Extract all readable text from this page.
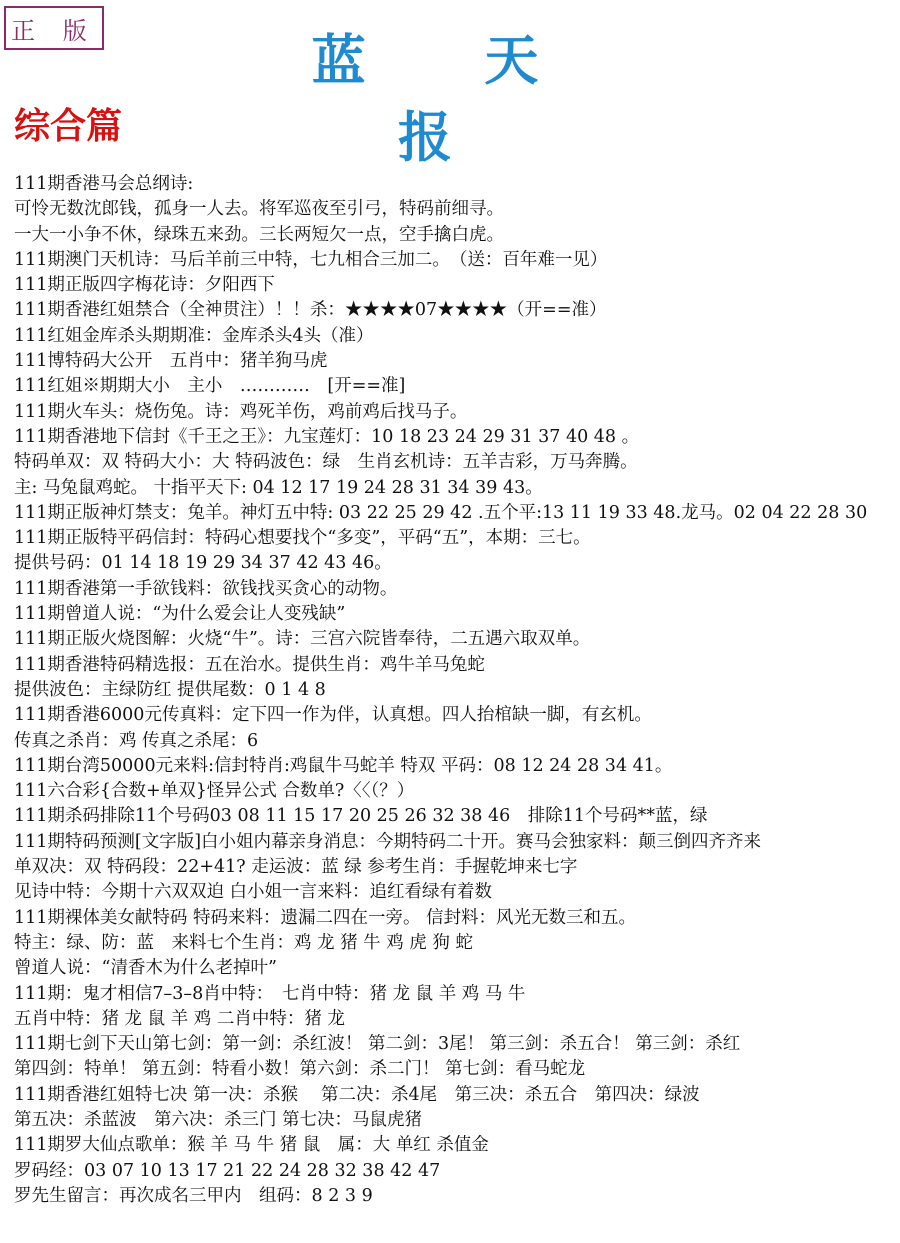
正 版	蓝 天 报
综合篇
111期香港马会总纲诗:
可怜无数沈郎钱，孤身一人去。将军巡夜至引弓，特码前细寻。
一大一小争不休，绿珠五来劲。三长两短欠一点，空手擒白虎。
111期澳门天机诗：马后羊前三中特，七九相合三加二。　（送：百年难一见）
111期正版四字梅花诗：夕阳西下
111期香港红姐禁合（全神贯注）！！杀：★★★★07★★★★（开==准）
111红姐金库杀头期期准：金库杀头4头（准）
111博特码大公开　五肖中：猪羊狗马虎
111红姐※期期大小　主小　…………　[开==准]
111期火车头：烧伤兔。诗：鸡死羊伤，鸡前鸡后找马子。
111期香港地下信封《千王之王》：九宝莲灯：10 18 23 24 29 31 37 40 48 。
特码单双：双 特码大小：大 特码波色：绿　生肖玄机诗：五羊吉彩，万马奔腾。
主: 马兔鼠鸡蛇。 十指平天下: 04 12 17 19 24 28 31 34 39 43。
111期正版神灯禁支：兔羊。神灯五中特: 03 22 25 29 42 .五个平:13 11 19 33 48.龙马。02 04 22 28 30
111期正版特平码信封：特码心想要找个“多变”，平码“五”，本期：三七。
提供号码：01 14 18 19 29 34 37 42 43 46。
111期香港第一手欲钱料：欲钱找买贪心的动物。
111期曾道人说：“为什么爱会让人变残缺”
111期正版火烧图解：火烧“牛”。诗：三宫六院皆奉待，二五遇六取双单。
111期香港特码精选报：五在治水。提供生肖：鸡牛羊马兔蛇
提供波色：主绿防红 提供尾数：0 1 4 8
111期香港6000元传真料：定下四一作为伴，认真想。四人抬棺缺一脚，有玄机。
传真之杀肖：鸡 传真之杀尾：6
111期台湾50000元来料:信封特肖:鸡鼠牛马蛇羊 特双 平码：08 12 24 28 34 41。
111六合彩{合数+单双}怪异公式 合数单?〈〈（？）
111期杀码排除11个号码03 08 11 15 17 20 25 26 32 38 46　排除11个号码**蓝，绿
111期特码预测[文字版]白小姐内幕亲身消息：今期特码二十开。赛马会独家料：颠三倒四齐齐来
单双决：双 特码段：22+41? 走运波：蓝 绿 参考生肖：手握乾坤来七字
见诗中特：今期十六双双迫 白小姐一言来料：追红看绿有着数
111期裸体美女献特码 特码来料：遗漏二四在一旁。 信封料：风光无数三和五。
特主：绿、防：蓝　来料七个生肖：鸡 龙 猪 牛 鸡 虎 狗 蛇
曾道人说：“清香木为什么老掉叶”
111期：鬼才相信7–3–8肖中特：　七肖中特：猪 龙 鼠 羊 鸡 马 牛
五肖中特：猪 龙 鼠 羊 鸡 二肖中特：猪 龙
111期七剑下天山第七剑：第一剑：杀红波！ 第二剑：3尾！ 第三剑：杀五合！ 第三剑：杀红
第四剑：特单！ 第五剑：特看小数！第六剑：杀二门！ 第七剑：看马蛇龙
111期香港红姐特七决 第一决：杀猴　 第二决：杀4尾　第三决：杀五合　第四决：绿波
第五决：杀蓝波　第六决：杀三门 第七决：马鼠虎猪
111期罗大仙点歌单：猴 羊 马 牛 猪 鼠　属：大 单红 杀值金
罗码经：03 07 10 13 17 21 22 24 28 32 38 42 47
罗先生留言：再次成名三甲内　组码：8 2 3 9
